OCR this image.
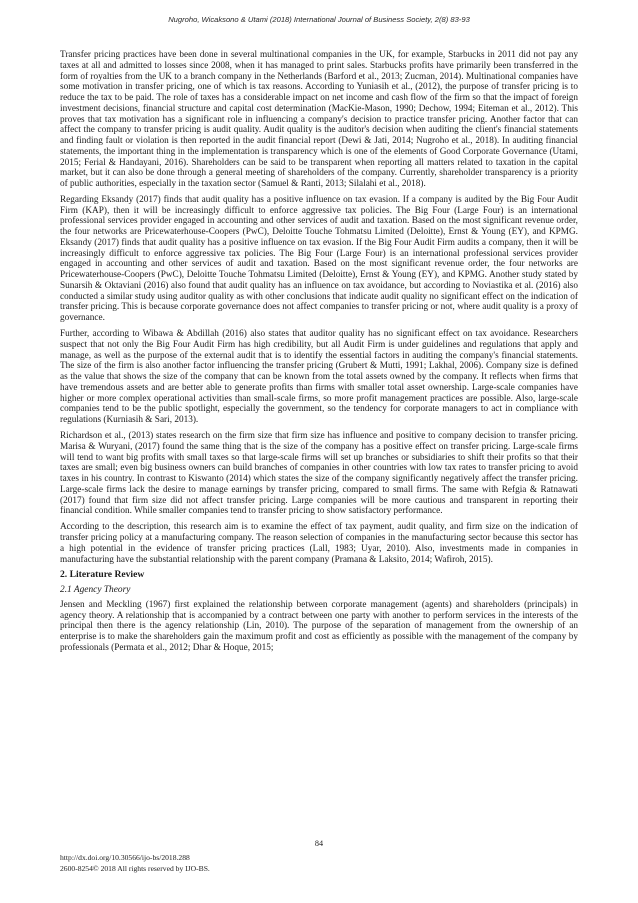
Nugroho, Wicaksono & Utami (2018) International Journal of Business Society, 2(8) 83-93

Transfer pricing practices have been done in several multinational companies in the UK, for example, Starbucks in 2011 did not pay any taxes at all and admitted to losses since 2008, when it has managed to print sales. Starbucks profits have primarily been transferred in the form of royalties from the UK to a branch company in the Netherlands (Barford et al., 2013; Zucman, 2014). Multinational companies have some motivation in transfer pricing, one of which is tax reasons. According to Yuniasih et al., (2012), the purpose of transfer pricing is to reduce the tax to be paid. The role of taxes has a considerable impact on net income and cash flow of the firm so that the impact of foreign investment decisions, financial structure and capital cost determination (MacKie-Mason, 1990; Dechow, 1994; Eiteman et al., 2012). This proves that tax motivation has a significant role in influencing a company's decision to practice transfer pricing. Another factor that can affect the company to transfer pricing is audit quality. Audit quality is the auditor's decision when auditing the client's financial statements and finding fault or violation is then reported in the audit financial report (Dewi & Jati, 2014; Nugroho et al., 2018). In auditing financial statements, the important thing in the implementation is transparency which is one of the elements of Good Corporate Governance (Utami, 2015; Ferial & Handayani, 2016). Shareholders can be said to be transparent when reporting all matters related to taxation in the capital market, but it can also be done through a general meeting of shareholders of the company. Currently, shareholder transparency is a priority of public authorities, especially in the taxation sector (Samuel & Ranti, 2013; Silalahi et al., 2018).

Regarding Eksandy (2017) finds that audit quality has a positive influence on tax evasion. If a company is audited by the Big Four Audit Firm (KAP), then it will be increasingly difficult to enforce aggressive tax policies. The Big Four (Large Four) is an international professional services provider engaged in accounting and other services of audit and taxation. Based on the most significant revenue order, the four networks are Pricewaterhouse-Coopers (PwC), Deloitte Touche Tohmatsu Limited (Deloitte), Ernst & Young (EY), and KPMG. Eksandy (2017) finds that audit quality has a positive influence on tax evasion. If the Big Four Audit Firm audits a company, then it will be increasingly difficult to enforce aggressive tax policies. The Big Four (Large Four) is an international professional services provider engaged in accounting and other services of audit and taxation. Based on the most significant revenue order, the four networks are Pricewaterhouse-Coopers (PwC), Deloitte Touche Tohmatsu Limited (Deloitte), Ernst & Young (EY), and KPMG. Another study stated by Sunarsih & Oktaviani (2016) also found that audit quality has an influence on tax avoidance, but according to Noviastika et al. (2016) also conducted a similar study using auditor quality as with other conclusions that indicate audit quality no significant effect on the indication of transfer pricing. This is because corporate governance does not affect companies to transfer pricing or not, where audit quality is a proxy of governance.

Further, according to Wibawa & Abdillah (2016) also states that auditor quality has no significant effect on tax avoidance. Researchers suspect that not only the Big Four Audit Firm has high credibility, but all Audit Firm is under guidelines and regulations that apply and manage, as well as the purpose of the external audit that is to identify the essential factors in auditing the company's financial statements. The size of the firm is also another factor influencing the transfer pricing (Grubert & Mutti, 1991; Lakhal, 2006). Company size is defined as the value that shows the size of the company that can be known from the total assets owned by the company. It reflects when firms that have tremendous assets and are better able to generate profits than firms with smaller total asset ownership. Large-scale companies have higher or more complex operational activities than small-scale firms, so more profit management practices are possible. Also, large-scale companies tend to be the public spotlight, especially the government, so the tendency for corporate managers to act in compliance with regulations (Kurniasih & Sari, 2013).

Richardson et al., (2013) states research on the firm size that firm size has influence and positive to company decision to transfer pricing. Marisa & Wuryani, (2017) found the same thing that is the size of the company has a positive effect on transfer pricing. Large-scale firms will tend to want big profits with small taxes so that large-scale firms will set up branches or subsidiaries to shift their profits so that their taxes are small; even big business owners can build branches of companies in other countries with low tax rates to transfer pricing to avoid taxes in his country. In contrast to Kiswanto (2014) which states the size of the company significantly negatively affect the transfer pricing. Large-scale firms lack the desire to manage earnings by transfer pricing, compared to small firms. The same with Refgia & Ratnawati (2017) found that firm size did not affect transfer pricing. Large companies will be more cautious and transparent in reporting their financial condition. While smaller companies tend to transfer pricing to show satisfactory performance.

According to the description, this research aim is to examine the effect of tax payment, audit quality, and firm size on the indication of transfer pricing policy at a manufacturing company. The reason selection of companies in the manufacturing sector because this sector has a high potential in the evidence of transfer pricing practices (Lall, 1983; Uyar, 2010). Also, investments made in companies in manufacturing have the substantial relationship with the parent company (Pramana & Laksito, 2014; Wafiroh, 2015).

2. Literature Review
2.1 Agency Theory

Jensen and Meckling (1967) first explained the relationship between corporate management (agents) and shareholders (principals) in agency theory. A relationship that is accompanied by a contract between one party with another to perform services in the interests of the principal then there is the agency relationship (Lin, 2010). The purpose of the separation of management from the ownership of an enterprise is to make the shareholders gain the maximum profit and cost as efficiently as possible with the management of the company by professionals (Permata et al., 2012; Dhar & Hoque, 2015;

84
http://dx.doi.org/10.30566/ijo-bs/2018.288
2600-8254© 2018 All rights reserved by IJO-BS.
